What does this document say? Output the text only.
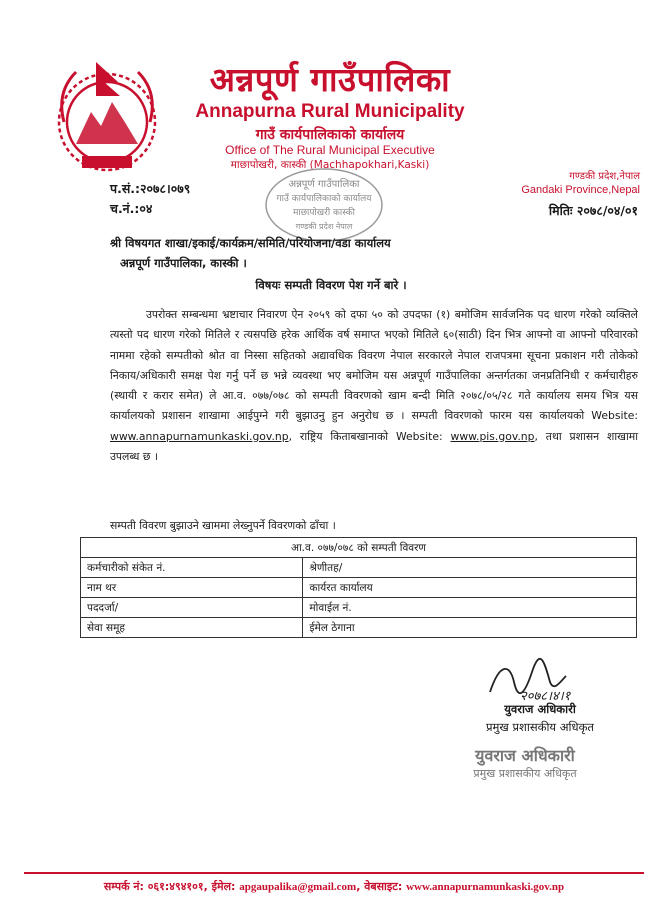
अन्नपूर्ण गाउँपालिका
Annapurna Rural Municipality
गाउँ कार्यपालिकाको कार्यालय
Office of The Rural Municipal Executive
माछापोखरी, कास्की (Machhapokhari,Kaski)
गण्डकी प्रदेश,नेपाल
Gandaki Province,Nepal
अन्नपूर्ण गाउँपालिका
गाउँ कार्यपालिकाको कार्यालय
माछापोखरी कास्की
गण्डकी प्रदेश नेपाल
प.सं.:२०७८।०७९
च.नं.:०४	मितिः २०७८/०४/०१
श्री विषयगत शाखा/इकाई/कार्यक्रम/समिति/परियोजना/वडा कार्यालय
अन्नपूर्ण गाउँपालिका, कास्की ।
विषयः सम्पती विवरण पेश गर्ने बारे ।
उपरोक्त सम्बन्धमा भ्रष्टाचार निवारण ऐन २०५९ को दफा ५० को उपदफा (१) बमोजिम सार्वजनिक पद धारण गरेको व्यक्तिले त्यस्तो पद धारण गरेको मितिले र त्यसपछि हरेक आर्थिक वर्ष समाप्त भएको मितिले ६०(साठी) दिन भित्र आफ्नो वा आफ्नो परिवारको नाममा रहेको सम्पतीको श्रोत वा निस्सा सहितको अद्यावधिक विवरण नेपाल सरकारले नेपाल राजपत्रमा सूचना प्रकाशन गरी तोकेको निकाय/अधिकारी समक्ष पेश गर्नु पर्ने छ भन्ने व्यवस्था भए बमोजिम यस अन्नपूर्ण गाउँपालिका अन्तर्गतका जनप्रतिनिधी र कर्मचारीहरु (स्थायी र करार समेत) ले आ.व. ०७७/०७८ को सम्पती विवरणको खाम बन्दी मिति २०७८/०५/२८ गते कार्यालय समय भित्र यस कार्यालयको प्रशासन शाखामा आईपुग्ने गरी बुझाउनु हुन अनुरोध छ । सम्पती विवरणको फारम यस कार्यालयको Website: www.annapurnamunkaski.gov.np, राष्ट्रिय किताबखानाको Website: www.pis.gov.np, तथा प्रशासन शाखामा उपलब्ध छ ।
सम्पती विवरण बुझाउने खाममा लेख्नुपर्ने विवरणको ढाँचा ।
आ.व. ०७७/०७८ को सम्पती विवरण	
कर्मचारीको संकेत नं.	श्रेणीतह/
नाम थर	कार्यरत कार्यालय
पददर्जा/	मोवाईल नं.
सेवा समूह	ईमेल ठेगाना
२०७८।४।१
युवराज अधिकारी
प्रमुख प्रशासकीय अधिकृत
युवराज अधिकारी
प्रमुख प्रशासकीय अधिकृत
सम्पर्क नं: ०६१:४९४१०१, ईमेल: apgaupalika@gmail.com, वेबसाइट: www.annapurnamunkaski.gov.np
